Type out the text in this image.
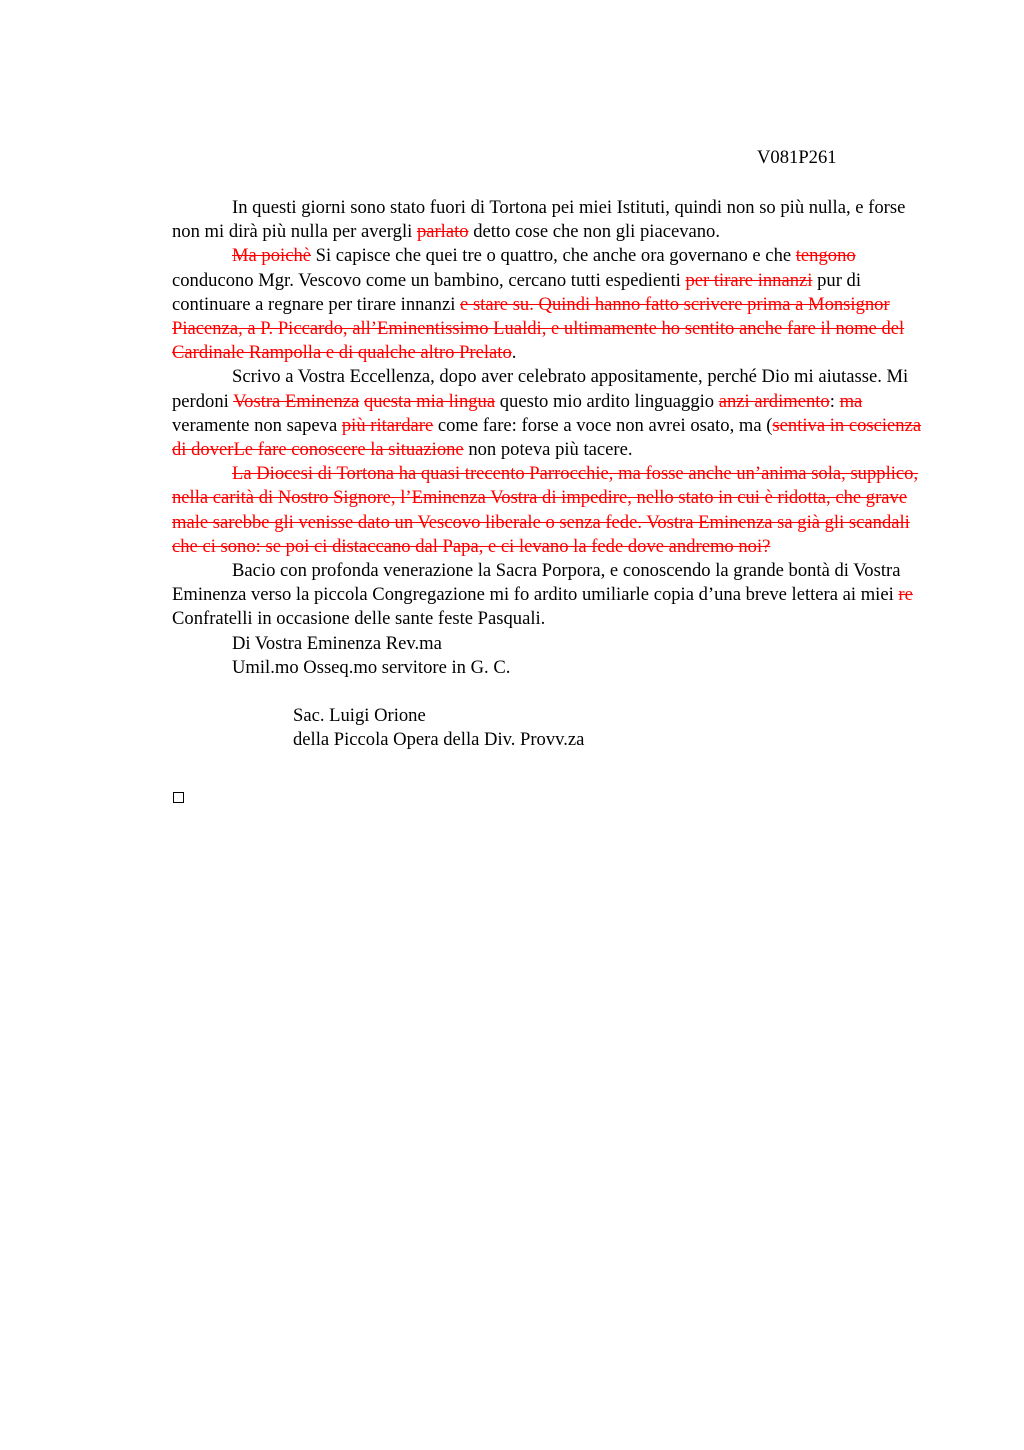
V081P261

In questi giorni sono stato fuori di Tortona pei miei Istituti, quindi non so più nulla, e forse non mi dirà più nulla per avergli parlato detto cose che non gli piacevano.

Ma poichè Si capisce che quei tre o quattro, che anche ora governano e che tengono conducono Mgr. Vescovo come un bambino, cercano tutti espedienti per tirare innanzi pur di continuare a regnare per tirare innanzi e stare su. Quindi hanno fatto scrivere prima a Monsignor Piacenza, a P. Piccardo, all’Eminentissimo Lualdi, e ultimamente ho sentito anche fare il nome del Cardinale Rampolla e di qualche altro Prelato.

Scrivo a Vostra Eccellenza, dopo aver celebrato appositamente, perché Dio mi aiutasse. Mi perdoni Vostra Eminenza questa mia lingua questo mio ardito linguaggio anzi ardimento: ma veramente non sapeva più ritardare come fare: forse a voce non avrei osato, ma (sentiva in coscienza di doverLe fare conoscere la situazione non poteva più tacere.

La Diocesi di Tortona ha quasi trecento Parrocchie, ma fosse anche un’anima sola, supplico, nella carità di Nostro Signore, l’Eminenza Vostra di impedire, nello stato in cui è ridotta, che grave male sarebbe gli venisse dato un Vescovo liberale o senza fede. Vostra Eminenza sa già gli scandali che ci sono: se poi ci distaccano dal Papa, e ci levano la fede dove andremo noi?

Bacio con profonda venerazione la Sacra Porpora, e conoscendo la grande bontà di Vostra Eminenza verso la piccola Congregazione mi fo ardito umiliarle copia d’una breve lettera ai miei re Confratelli in occasione delle sante feste Pasquali.

Di Vostra Eminenza Rev.ma

Umil.mo Osseq.mo servitore in G. C.

Sac. Luigi Orione
della Piccola Opera della Div. Provv.za
